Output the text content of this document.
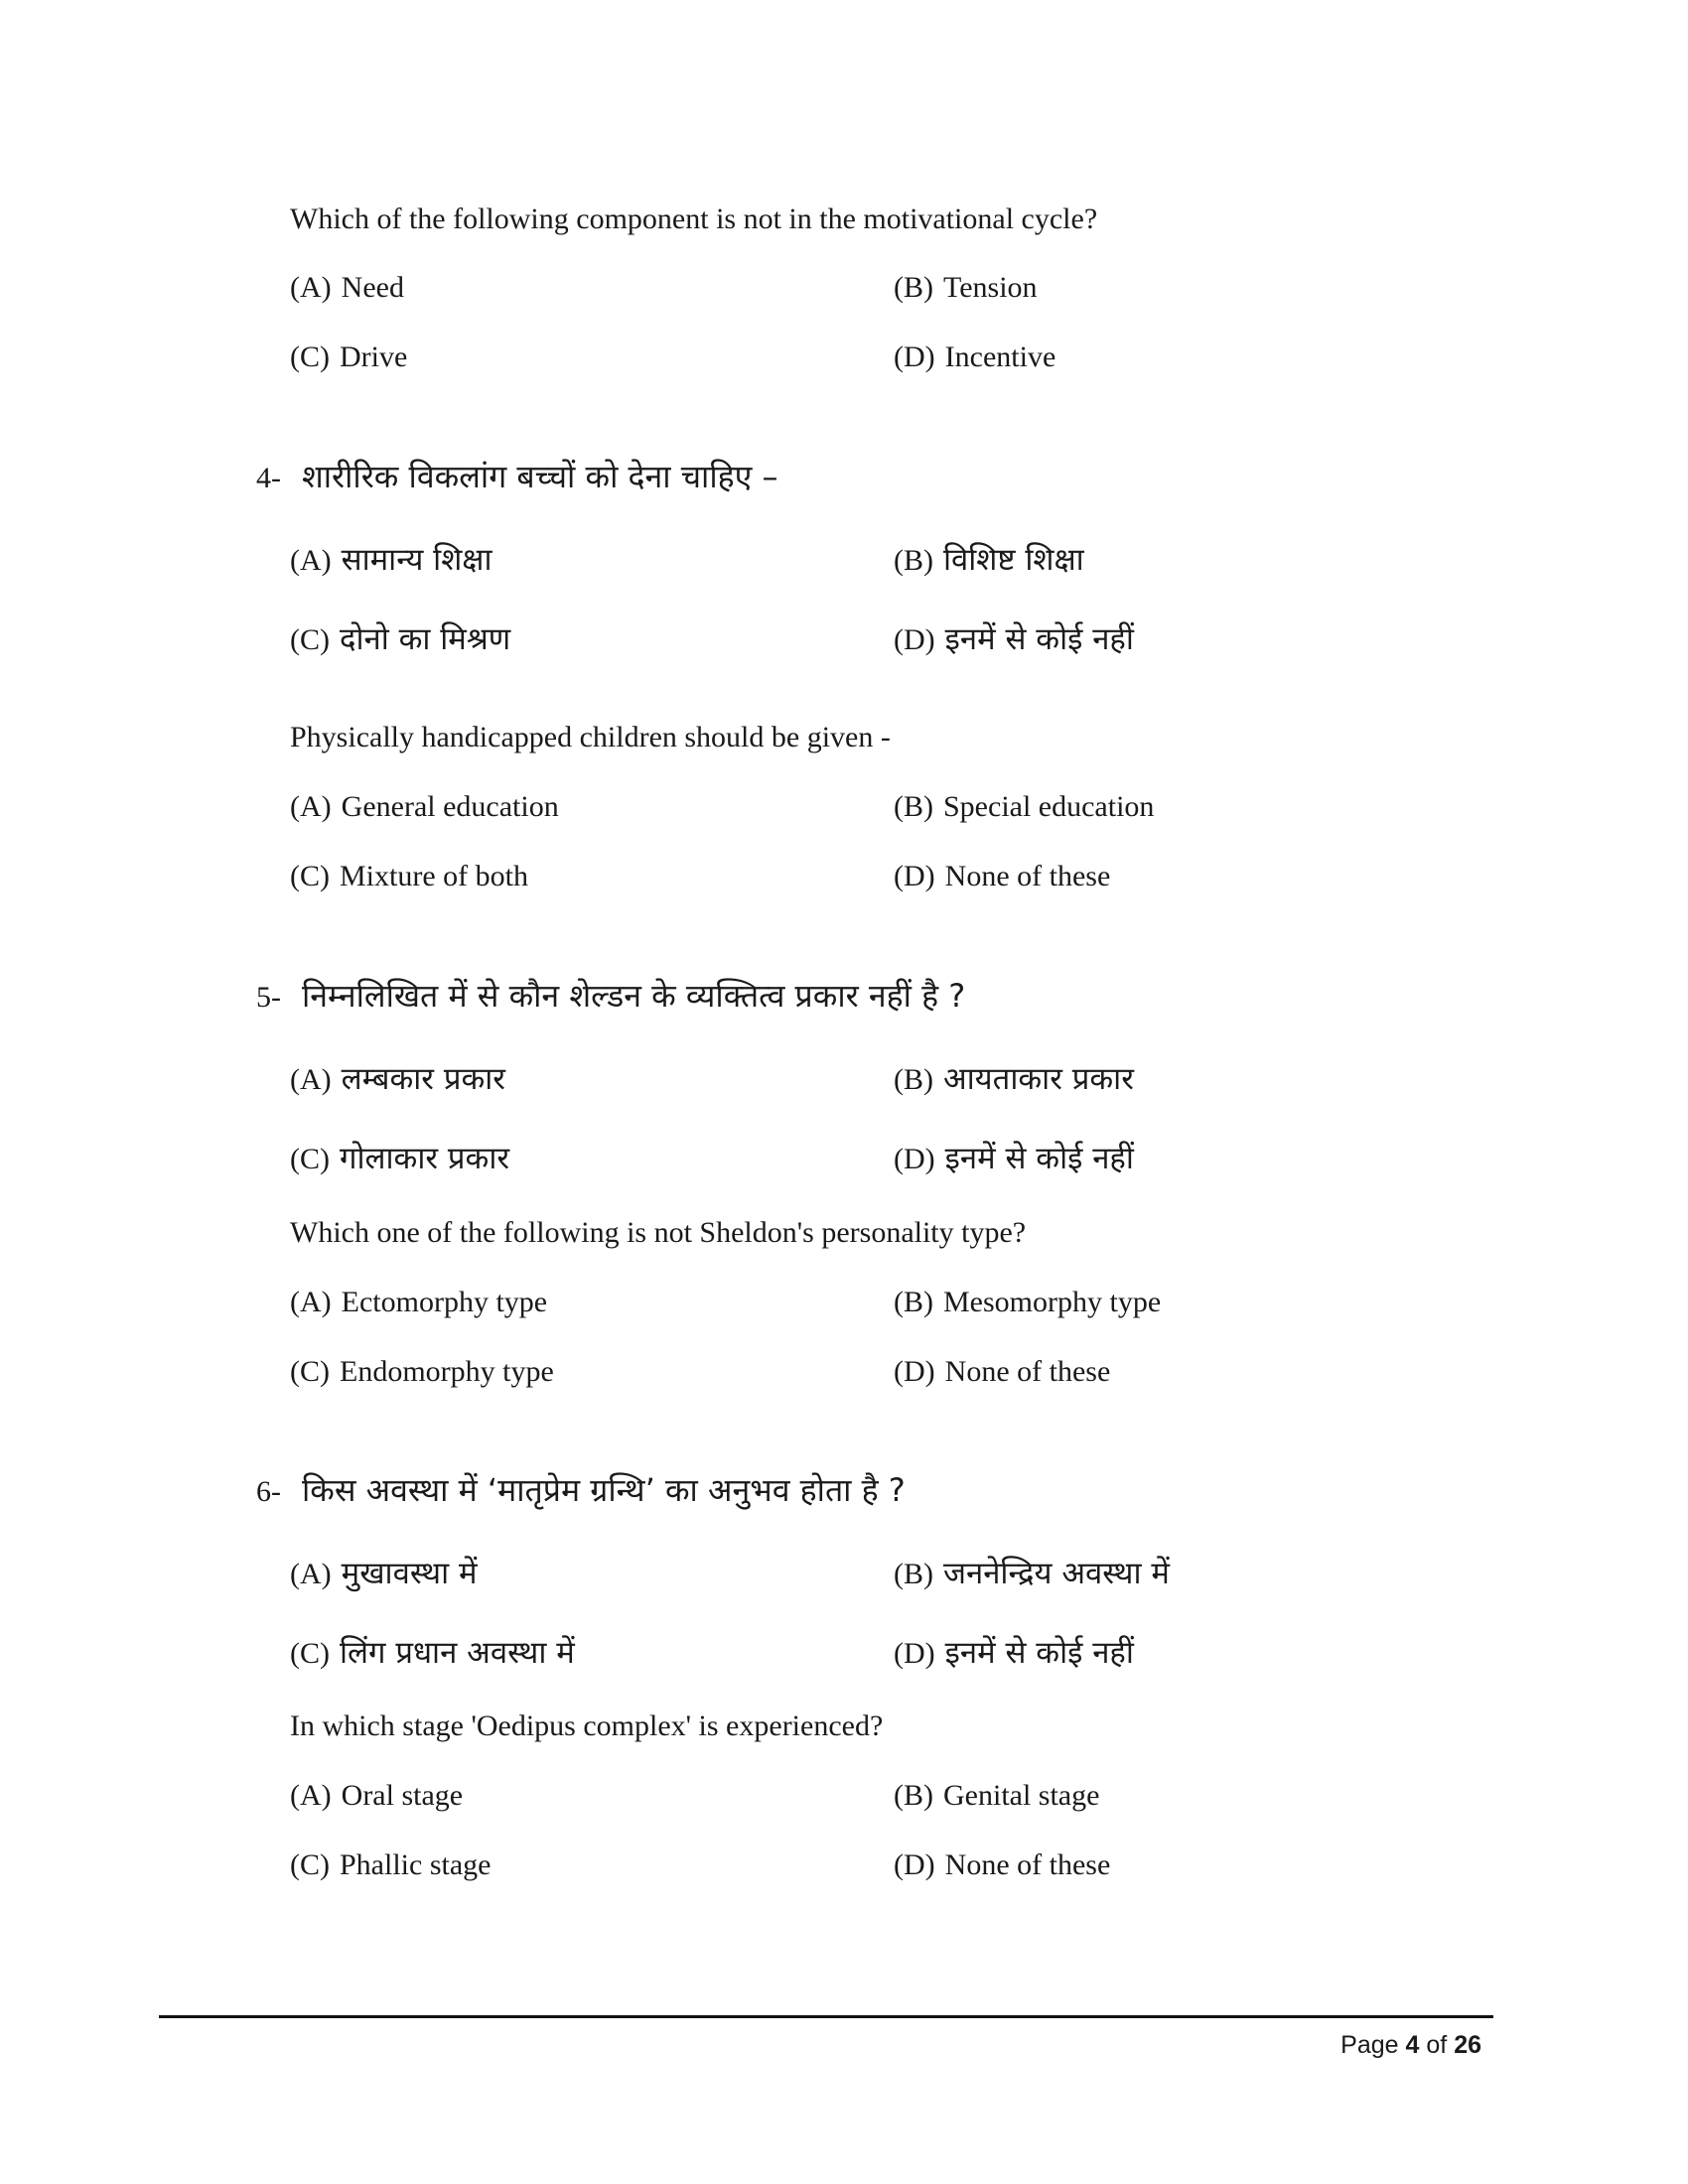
Which of the following component is not in the motivational cycle?
(A) Need	(B) Tension
(C) Drive	(D) Incentive
4- शारीरिक विकलांग बच्चों को देना चाहिए –
(A) सामान्य शिक्षा	(B) विशिष्ट शिक्षा
(C) दोनो का मिश्रण	(D) इनमें से कोई नहीं
Physically handicapped children should be given -
(A) General education	(B) Special education
(C) Mixture of both	(D) None of these
5- निम्नलिखित में से कौन शेल्डन के व्यक्तित्व प्रकार नहीं है ?
(A) लम्बकार प्रकार	(B) आयताकार प्रकार
(C) गोलाकार प्रकार	(D) इनमें से कोई नहीं
Which one of the following is not Sheldon's personality type?
(A) Ectomorphy type	(B) Mesomorphy type
(C) Endomorphy type	(D) None of these
6- किस अवस्था में ‘मातृप्रेम ग्रन्थि’ का अनुभव होता है ?
(A) मुखावस्था में	(B) जननेन्द्रिय अवस्था में
(C) लिंग प्रधान अवस्था में	(D) इनमें से कोई नहीं
In which stage 'Oedipus complex' is experienced?
(A) Oral stage	(B) Genital stage
(C) Phallic stage	(D) None of these
Page 4 of 26
